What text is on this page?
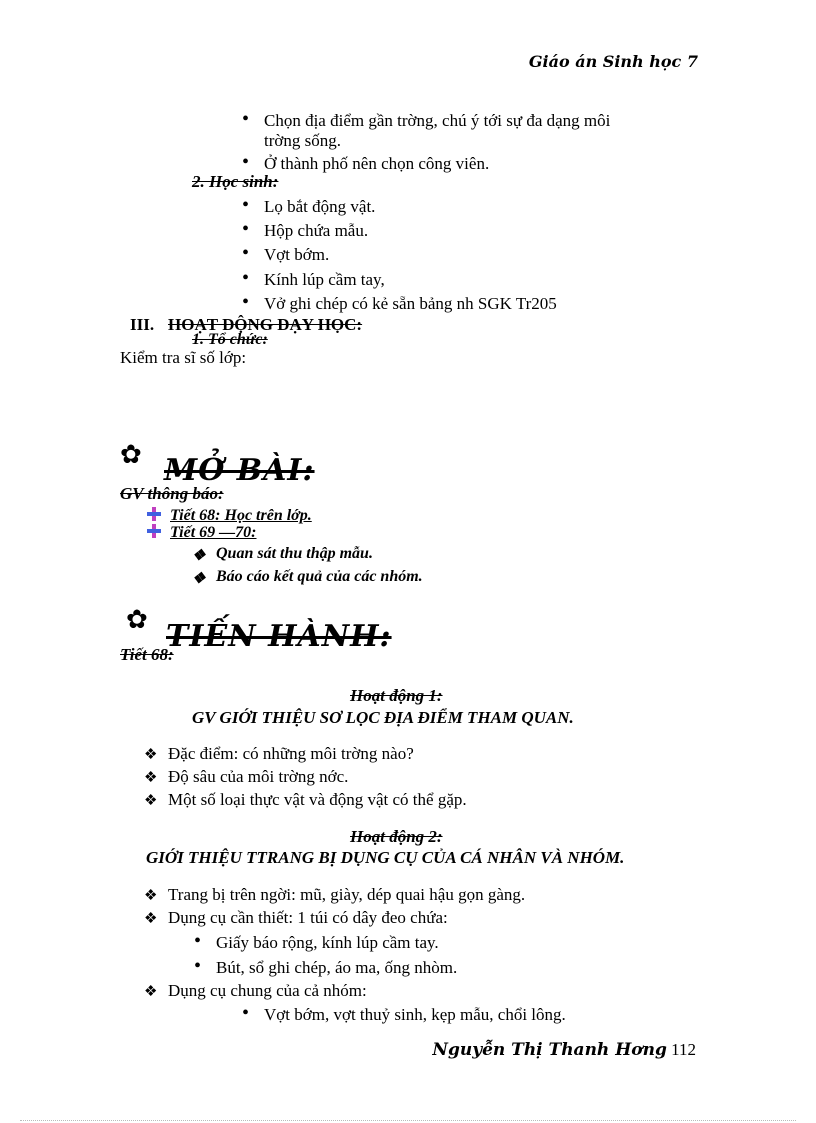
Giáo án Sinh học 7
• Chọn địa điểm gần trờng, chú ý tới sự đa dạng môi
trờng sống.
• Ở thành phố nên chọn công viên.
2. Học sinh:
• Lọ bắt động vật.
• Hộp chứa mẫu.
• Vợt bớm.
• Kính lúp cầm tay,
• Vở ghi chép có kẻ sẵn bảng nh SGK Tr205
III. HOẠT ĐỘNG DẠY HỌC:
1. Tổ chức:
Kiểm tra sĩ số lớp:
✿ MỞ BÀI:
GV thông báo:
Tiết 68: Học trên lớp.
Tiết 69 —70:
❖ Quan sát thu thập mẫu.
❖ Báo cáo kết quả của các nhóm.
✿ TIẾN HÀNH:
Tiết 68:
Hoạt động 1:
GV GIỚI THIỆU SƠ LỌC ĐỊA ĐIỂM THAM QUAN.
❖ Đặc điểm: có những môi trờng nào?
❖ Độ sâu của môi trờng nớc.
❖ Một số loại thực vật và động vật có thể gặp.
Hoạt động 2:
GIỚI THIỆU TTRANG BỊ DỤNG CỤ CỦA CÁ NHÂN VÀ NHÓM.
❖ Trang bị trên ngời: mũ, giày, dép quai hậu gọn gàng.
❖ Dụng cụ cần thiết: 1 túi có dây đeo chứa:
• Giấy báo rộng, kính lúp cầm tay.
• Bút, sổ ghi chép, áo ma, ống nhòm.
❖ Dụng cụ chung của cả nhóm:
• Vợt bớm, vợt thuỷ sinh, kẹp mẫu, chổi lông.
Nguyễn Thị Thanh Hơng 112
